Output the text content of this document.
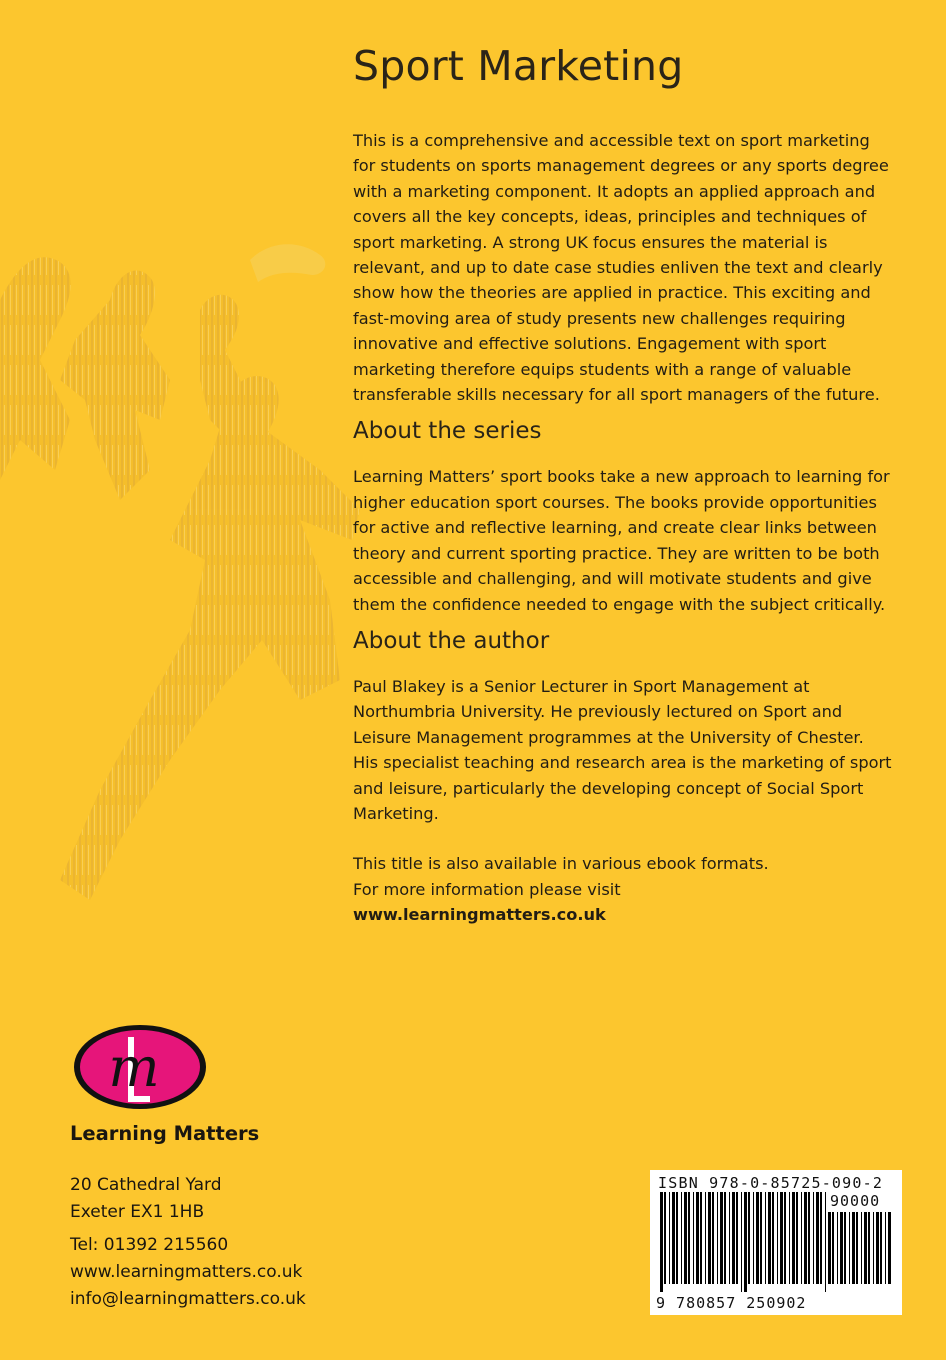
Sport Marketing

This is a comprehensive and accessible text on sport marketing for students on sports management degrees or any sports degree with a marketing component. It adopts an applied approach and covers all the key concepts, ideas, principles and techniques of sport marketing. A strong UK focus ensures the material is relevant, and up to date case studies enliven the text and clearly show how the theories are applied in practice. This exciting and fast-moving area of study presents new challenges requiring innovative and effective solutions. Engagement with sport marketing therefore equips students with a range of valuable transferable skills necessary for all sport managers of the future.

About the series

Learning Matters’ sport books take a new approach to learning for higher education sport courses. The books provide opportunities for active and reflective learning, and create clear links between theory and current sporting practice. They are written to be both accessible and challenging, and will motivate students and give them the confidence needed to engage with the subject critically.

About the author

Paul Blakey is a Senior Lecturer in Sport Management at Northumbria University. He previously lectured on Sport and Leisure Management programmes at the University of Chester. His specialist teaching and research area is the marketing of sport and leisure, particularly the developing concept of Social Sport Marketing.

This title is also available in various ebook formats.

For more information please visit

www.learningmatters.co.uk

m
Learning Matters
20 Cathedral Yard
Exeter EX1 1HB
Tel: 01392 215560
www.learningmatters.co.uk
info@learningmatters.co.uk
ISBN 978-0-85725-090-2
90000
9 780857 250902
